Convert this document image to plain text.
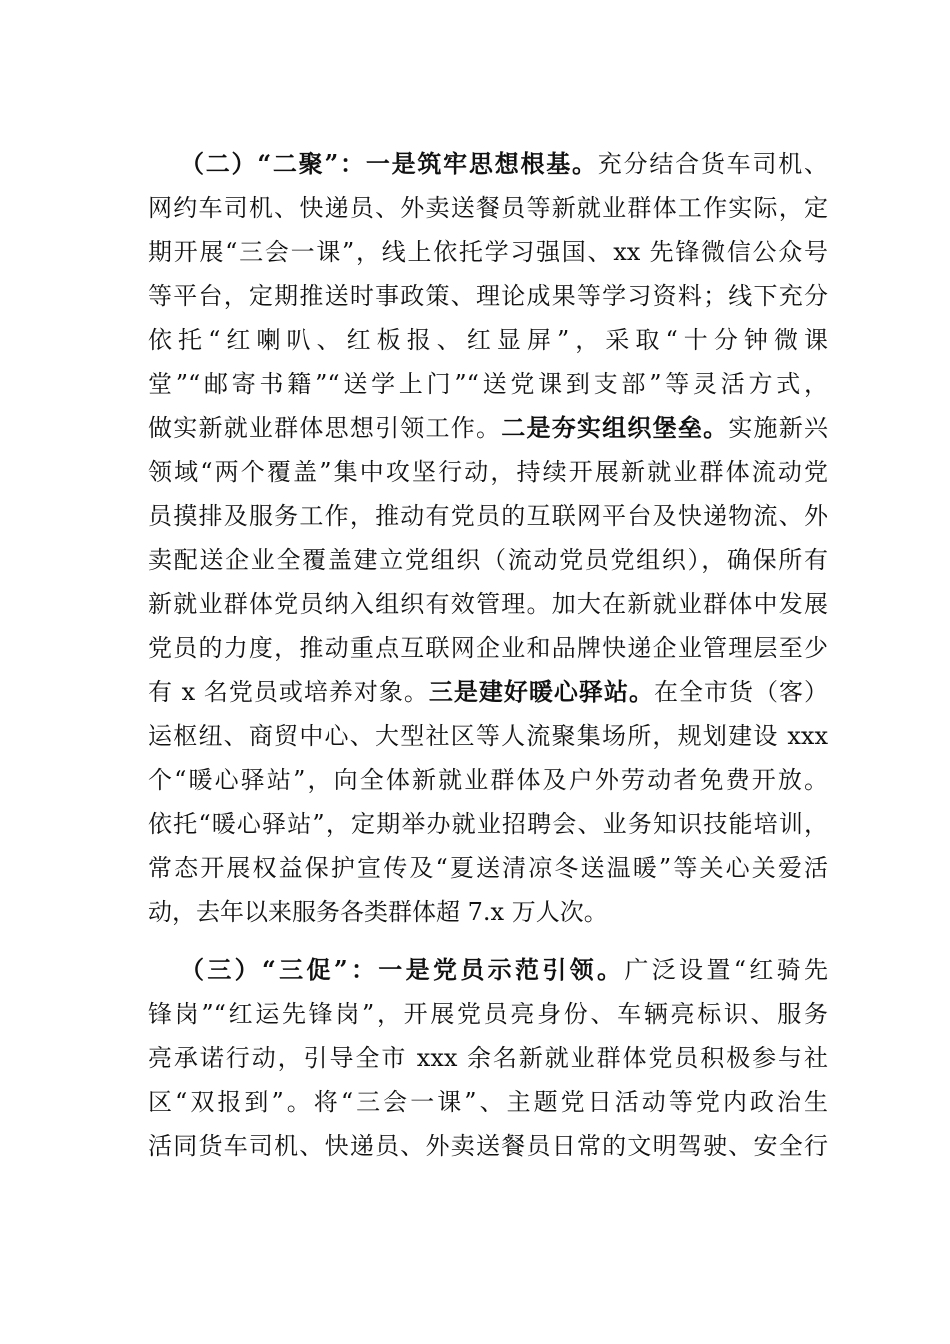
（二）“二聚”：一是筑牢思想根基。充分结合货车司机、
网约车司机、快递员、外卖送餐员等新就业群体工作实际，定
期开展“三会一课”，线上依托学习强国、xx 先锋微信公众号
等平台，定期推送时事政策、理论成果等学习资料；线下充分
依托“红喇叭、红板报、红显屏”，采取“十分钟微课
堂”“邮寄书籍”“送学上门”“送党课到支部”等灵活方式，
做实新就业群体思想引领工作。二是夯实组织堡垒。实施新兴
领域“两个覆盖”集中攻坚行动，持续开展新就业群体流动党
员摸排及服务工作，推动有党员的互联网平台及快递物流、外
卖配送企业全覆盖建立党组织（流动党员党组织），确保所有
新就业群体党员纳入组织有效管理。加大在新就业群体中发展
党员的力度，推动重点互联网企业和品牌快递企业管理层至少
有 x 名党员或培养对象。三是建好暖心驿站。在全市货（客）
运枢纽、商贸中心、大型社区等人流聚集场所，规划建设 xxx
个“暖心驿站”，向全体新就业群体及户外劳动者免费开放。
依托“暖心驿站”，定期举办就业招聘会、业务知识技能培训，
常态开展权益保护宣传及“夏送清凉冬送温暖”等关心关爱活
动，去年以来服务各类群体超 7.x 万人次。
（三）“三促”：一是党员示范引领。广泛设置“红骑先
锋岗”“红运先锋岗”，开展党员亮身份、车辆亮标识、服务
亮承诺行动，引导全市 xxx 余名新就业群体党员积极参与社
区“双报到”。将“三会一课”、主题党日活动等党内政治生
活同货车司机、快递员、外卖送餐员日常的文明驾驶、安全行
